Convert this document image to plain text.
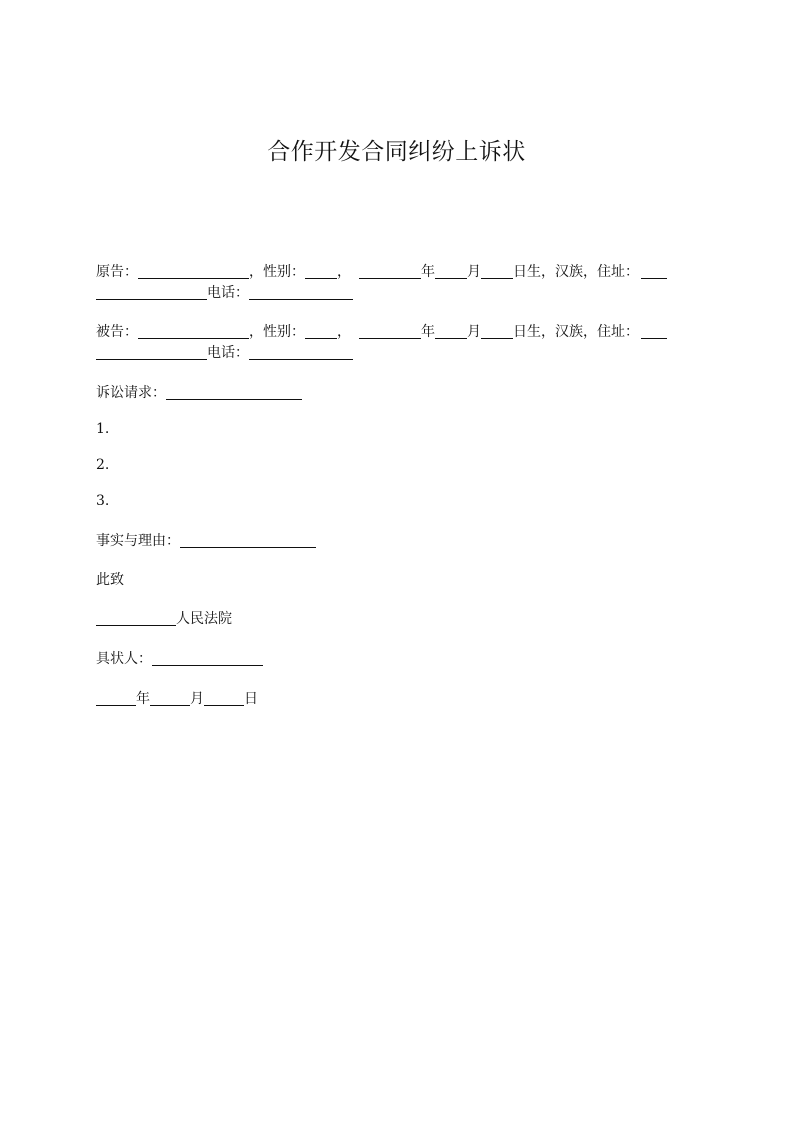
合作开发合同纠纷上诉状
原告：	，性别： ，	年 月 日生，汉族，住址：
电话：
被告：	，性别： ，	年 月 日生，汉族，住址：
电话：
诉讼请求：
1.
2.
3.
事实与理由：
此致
人民法院
具状人：
年	月	日
